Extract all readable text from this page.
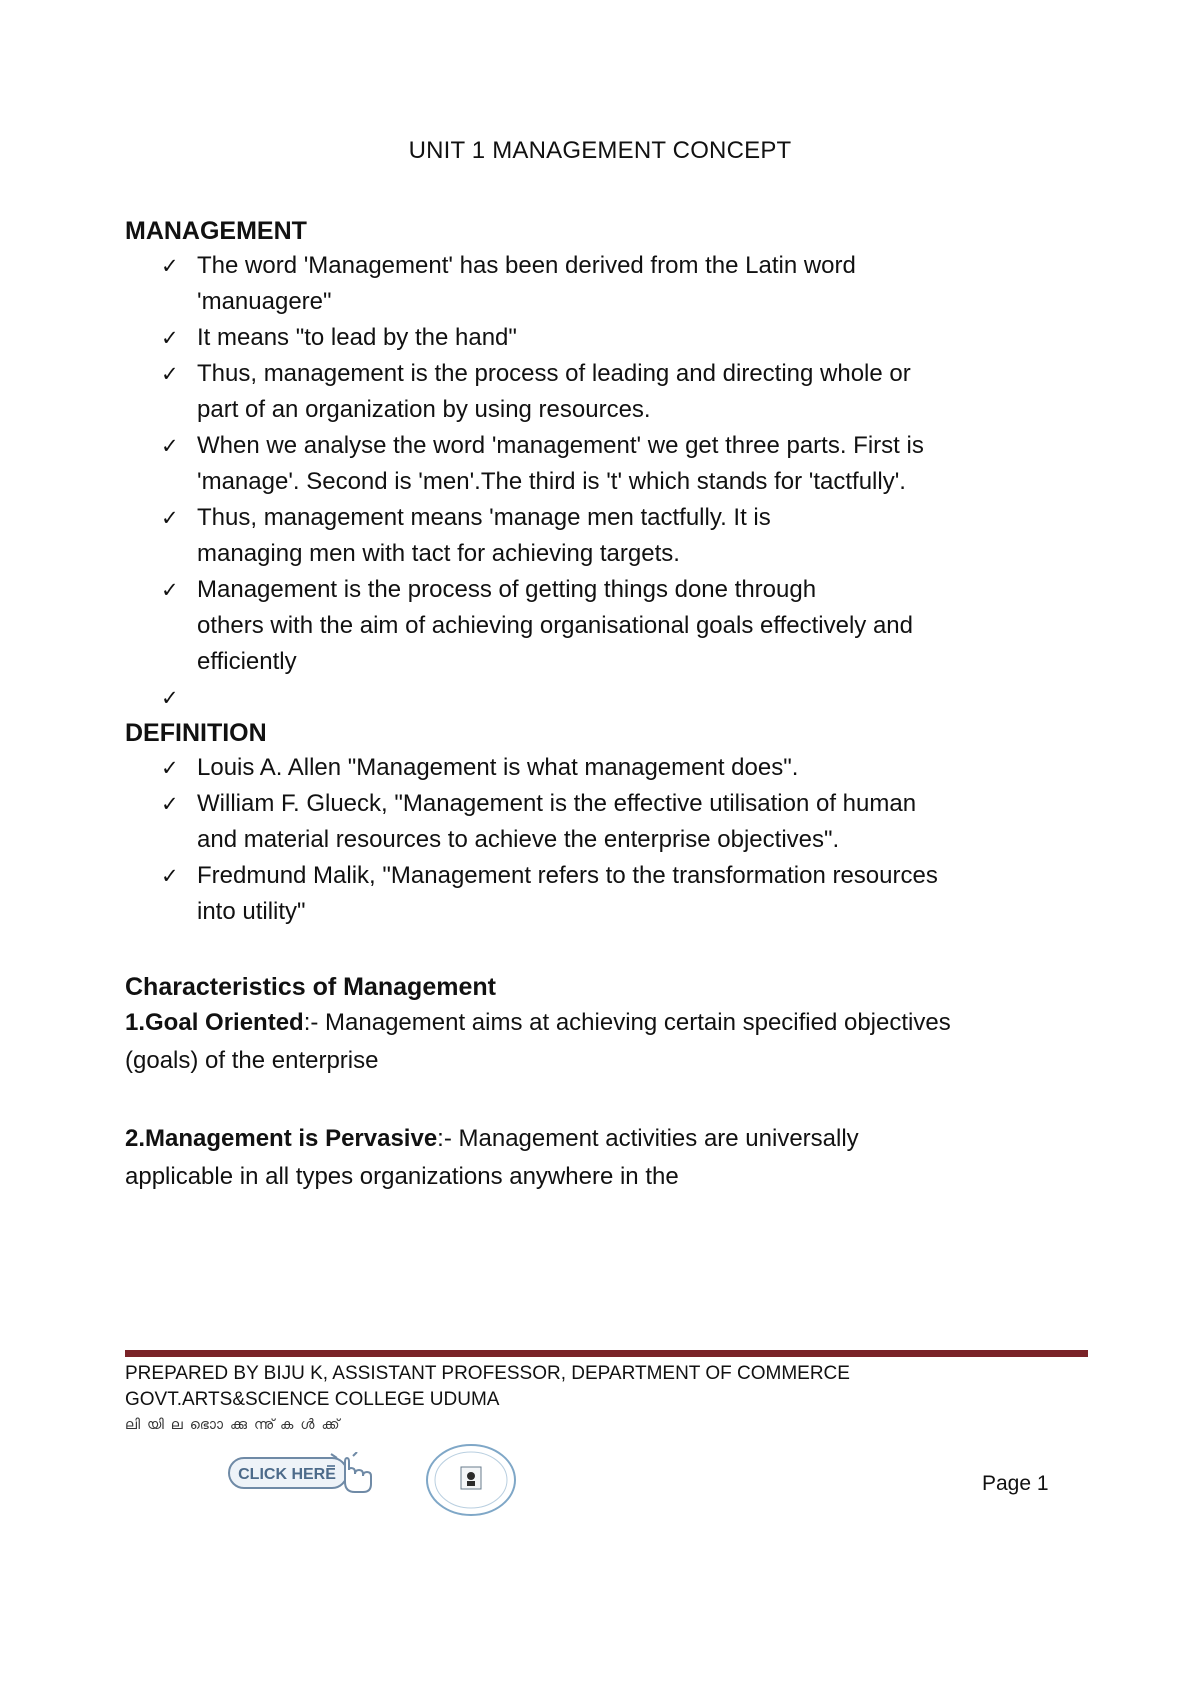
UNIT 1 MANAGEMENT CONCEPT

MANAGEMENT

✓ The word 'Management' has been derived from the Latin word
'manuagere"
✓ It means "to lead by the hand"
✓ Thus, management is the process of leading and directing whole or
part of an organization by using resources.
✓ When we analyse the word 'management' we get three parts. First is
'manage'. Second is 'men'.The third is 't' which stands for 'tactfully'.
✓ Thus, management means 'manage men tactfully. It is
managing men with tact for achieving targets.
✓ Management is the process of getting things done through
others with the aim of achieving organisational goals effectively and
efficiently
✓

DEFINITION

✓ Louis A. Allen "Management is what management does".
✓ William F. Glueck, "Management is the effective utilisation of human
and material resources to achieve the enterprise objectives".
✓ Fredmund Malik, "Management refers to the transformation resources
into utility"

Characteristics of Management

1.Goal Oriented:- Management aims at achieving certain specified objectives
(goals) of the enterprise

2.Management is Pervasive:- Management activities are universally
applicable in all types organizations anywhere in the

PREPARED BY BIJU K, ASSISTANT PROFESSOR, DEPARTMENT OF COMMERCE
GOVT.ARTS&SCIENCE COLLEGE UDUMA
ലിയിലഭൊാക്കുന്നു്കൾക്ക്
CLICK HERE	Page 1
